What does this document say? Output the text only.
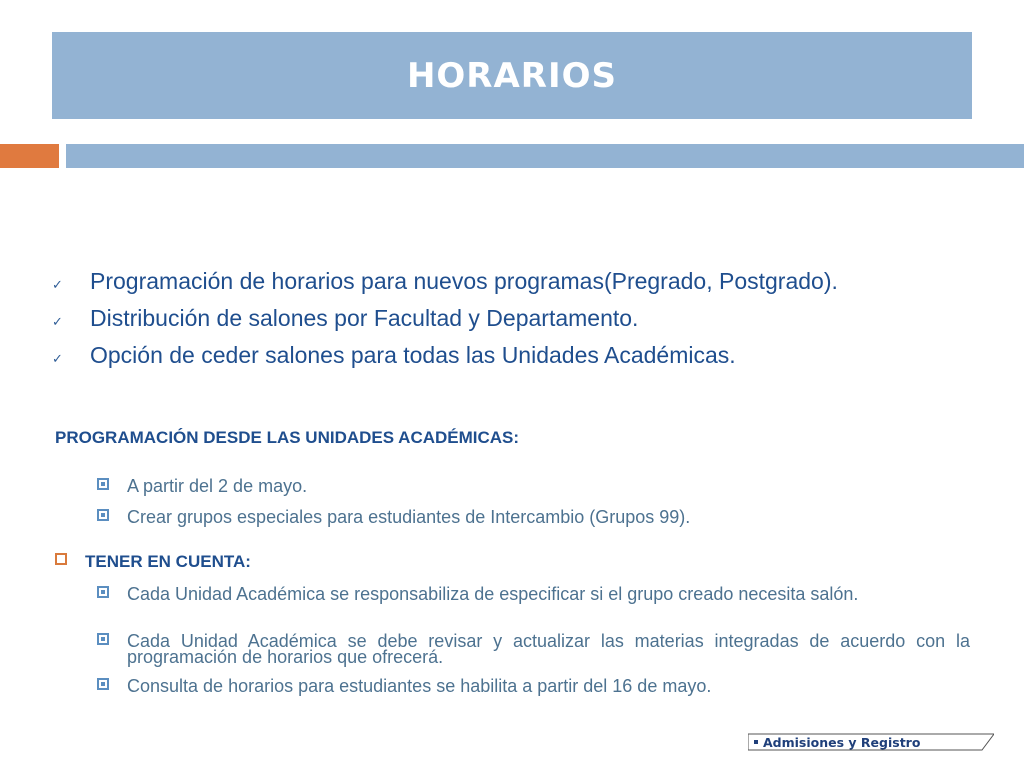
HORARIOS
✓	Programación de horarios para nuevos programas(Pregrado, Postgrado).
✓	Distribución de salones por Facultad y Departamento.
✓	Opción de ceder salones para todas las Unidades Académicas.
PROGRAMACIÓN DESDE LAS UNIDADES ACADÉMICAS:
A partir del 2 de mayo.
Crear grupos especiales para estudiantes de Intercambio (Grupos 99).
TENER EN CUENTA:
Cada Unidad Académica se responsabiliza de especificar si el grupo creado necesita salón.
Cada Unidad Académica se debe revisar y actualizar las materias integradas de acuerdo con la programación de horarios que ofrecerá.
Consulta de horarios para estudiantes se habilita a partir del 16 de mayo.
Admisiones y Registro
